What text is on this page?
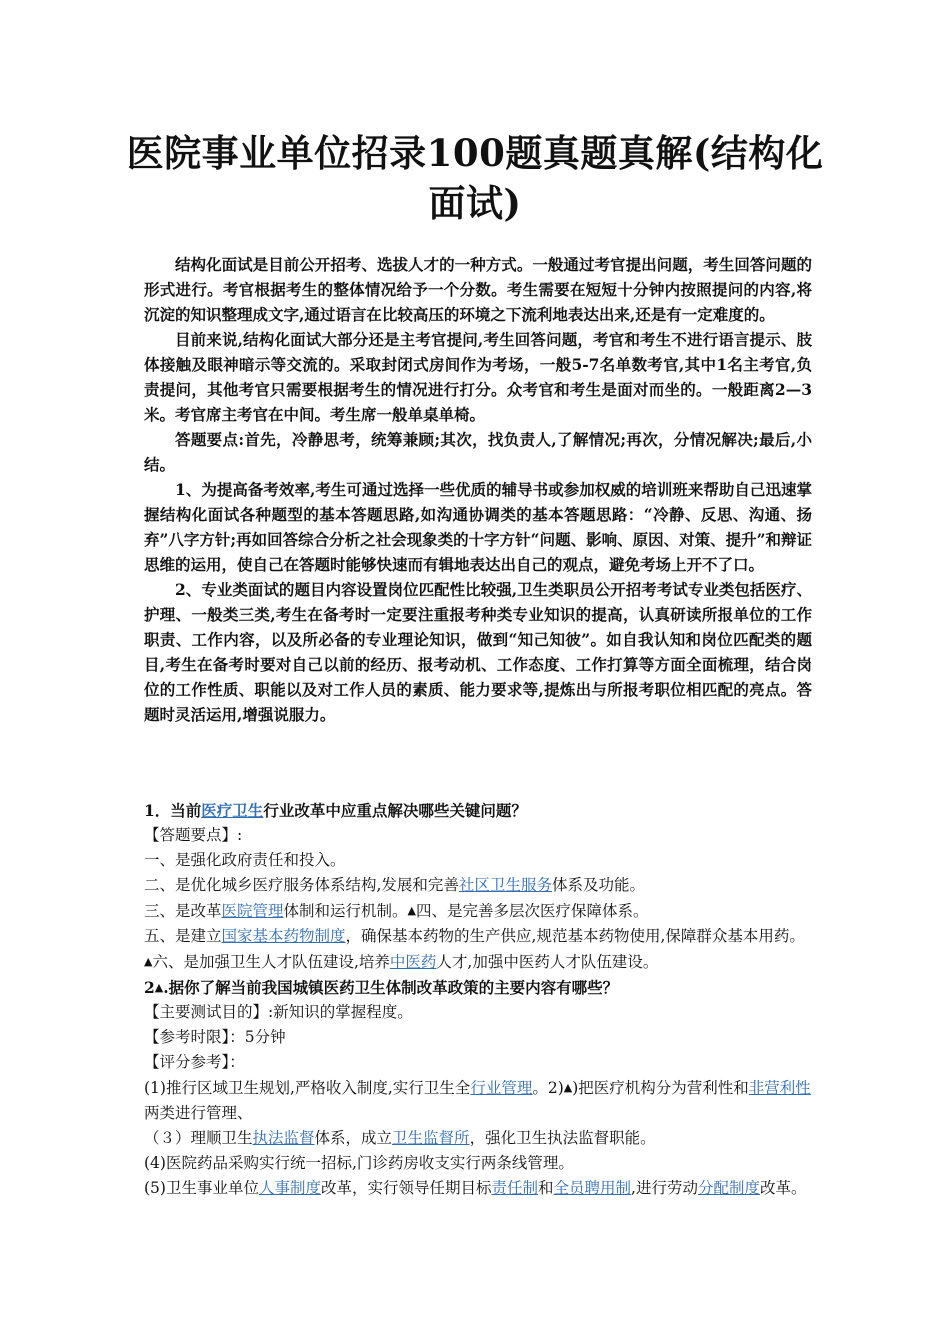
医院事业单位招录100题真题真解(结构化面试)

结构化面试是目前公开招考、选拔人才的一种方式。一般通过考官提出问题，考生回答问题的形式进行。考官根据考生的整体情况给予一个分数。考生需要在短短十分钟内按照提问的内容,将沉淀的知识整理成文字,通过语言在比较高压的环境之下流利地表达出来,还是有一定难度的。

目前来说,结构化面试大部分还是主考官提问,考生回答问题，考官和考生不进行语言提示、肢体接触及眼神暗示等交流的。采取封闭式房间作为考场，一般5-7名单数考官,其中1名主考官,负责提问，其他考官只需要根据考生的情况进行打分。众考官和考生是面对而坐的。一般距离2—3米。考官席主考官在中间。考生席一般单桌单椅。

答题要点:首先，冷静思考，统筹兼顾;其次，找负责人,了解情况;再次，分情况解决;最后,小结。

1、为提高备考效率,考生可通过选择一些优质的辅导书或参加权威的培训班来帮助自己迅速掌握结构化面试各种题型的基本答题思路,如沟通协调类的基本答题思路：“冷静、反思、沟通、扬弃”八字方针;再如回答综合分析之社会现象类的十字方针“问题、影响、原因、对策、提升”和辩证思维的运用，使自己在答题时能够快速而有辑地表达出自己的观点，避免考场上开不了口。

2、专业类面试的题目内容设置岗位匹配性比较强,卫生类职员公开招考考试专业类包括医疗、护理、一般类三类,考生在备考时一定要注重报考种类专业知识的提高，认真研读所报单位的工作职责、工作内容，以及所必备的专业理论知识，做到“知己知彼”。如自我认知和岗位匹配类的题目,考生在备考时要对自己以前的经历、报考动机、工作态度、工作打算等方面全面梳理，结合岗位的工作性质、职能以及对工作人员的素质、能力要求等,提炼出与所报考职位相匹配的亮点。答题时灵活运用,增强说服力。

1．当前医疗卫生行业改革中应重点解决哪些关键问题？

【答题要点】:

一、是强化政府责任和投入。

二、是优化城乡医疗服务体系结构,发展和完善社区卫生服务体系及功能。

三、是改革医院管理体制和运行机制。▲四、是完善多层次医疗保障体系。

五、是建立国家基本药物制度，确保基本药物的生产供应,规范基本药物使用,保障群众基本用药。▲六、是加强卫生人才队伍建设,培养中医药人才,加强中医药人才队伍建设。

2▲.据你了解当前我国城镇医药卫生体制改革政策的主要内容有哪些？

【主要测试目的】:新知识的掌握程度。

【参考时限】：5分钟

【评分参考】：

(1)推行区域卫生规划,严格收入制度,实行卫生全行业管理。2)▲)把医疗机构分为营利性和非营利性两类进行管理、

（３）理顺卫生执法监督体系，成立卫生监督所，强化卫生执法监督职能。

(4)医院药品采购实行统一招标,门诊药房收支实行两条线管理。

(5)卫生事业单位人事制度改革，实行领导任期目标责任制和全员聘用制,进行劳动分配制度改革。
